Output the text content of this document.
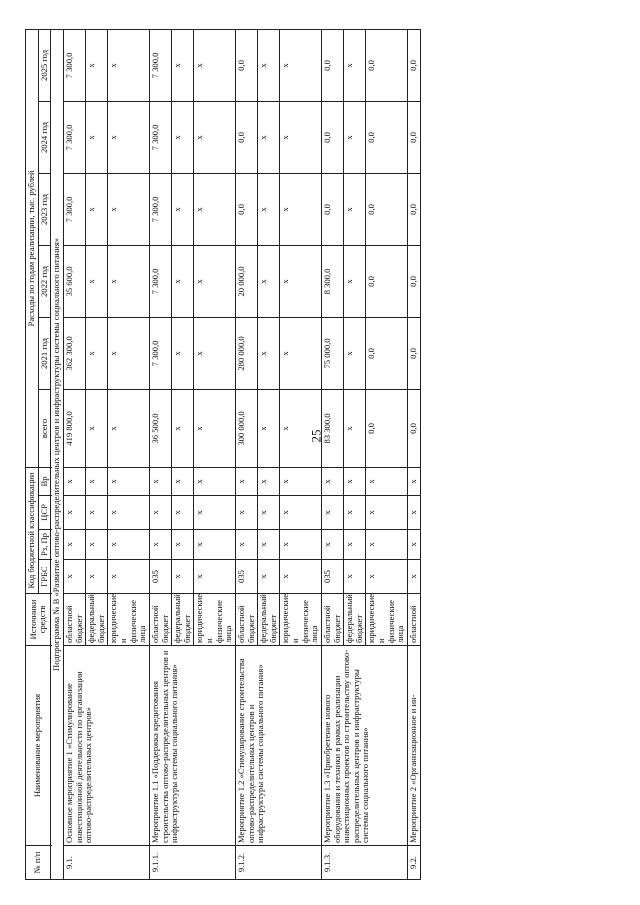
25
№ п/п	Наименование мероприятия	Источники средств	Код бюджетной классификации				Расходы по годам реализации, тыс. рублей					
			ГРБС	Рз, Пр	ЦСР	Вр	всего	2021 год	2022 год	2023 год	2024 год	2025 год

Подпрограмма № В «Развитие оптово-распределительных центров и инфраструктуры системы социального питания»												
9.1.	Основное мероприятие 1 «Стимулирование инвестиционной деятельности по организации оптово-распределительных центров»	областной бюджет	х	х	х	х	419 800,0	362 300,0	35 600,0	7 300,0	7 300,0	7 300,0
		федеральный бюджет	х	х	х	х	х	х	х	х	х	х
		юридические и физические лица	х	х	х	х	х	х	х	х	х	х
9.1.1.	Мероприятие 1.1 «Поддержка кредитования строительства оптово-распределительных центров и инфраструктуры системы социального питания»	областной бюджет	035	х	х	х	36 500,0	7 300,0	7 300,0	7 300,0	7 300,0	7 300,0
		федеральный бюджет	х	х	х	х	х	х	х	х	х	х
		юридические и физические лица	х	х	х	х	х	х	х	х	х	х
9.1.2.	Мероприятие 1.2 «Стимулирование строительства оптово-распределительных центров и инфраструктуры системы социального питания»	областной бюджет	035	х	х	х	300 000,0	280 000,0	20 000,0	0,0	0,0	0,0
		федеральный бюджет	х	х	х	х	х	х	х	х	х	х
		юридические и физические лица	х	х	х	х	х	х	х	х	х	х
9.1.3.	Мероприятие 1.3 «Приобретение нового оборудования и техники в рамках реализации инвестиционных проектов по строительству оптово-распределительных центров и инфраструктуры системы социального питания»	областной бюджет	035	х	х	х	83 300,0	75 000,0	8 300,0	0,0	0,0	0,0
		федеральный бюджет	х	х	х	х	х	х	х	х	х	х
		юридические и физические лица	х	х	х	х	0,0	0,0	0,0	0,0	0,0	0,0
9.2.	Мероприятие 2 «Организационное и ин-	областной	х	х	х	х	0,0	0,0	0,0	0,0	0,0	0,0
